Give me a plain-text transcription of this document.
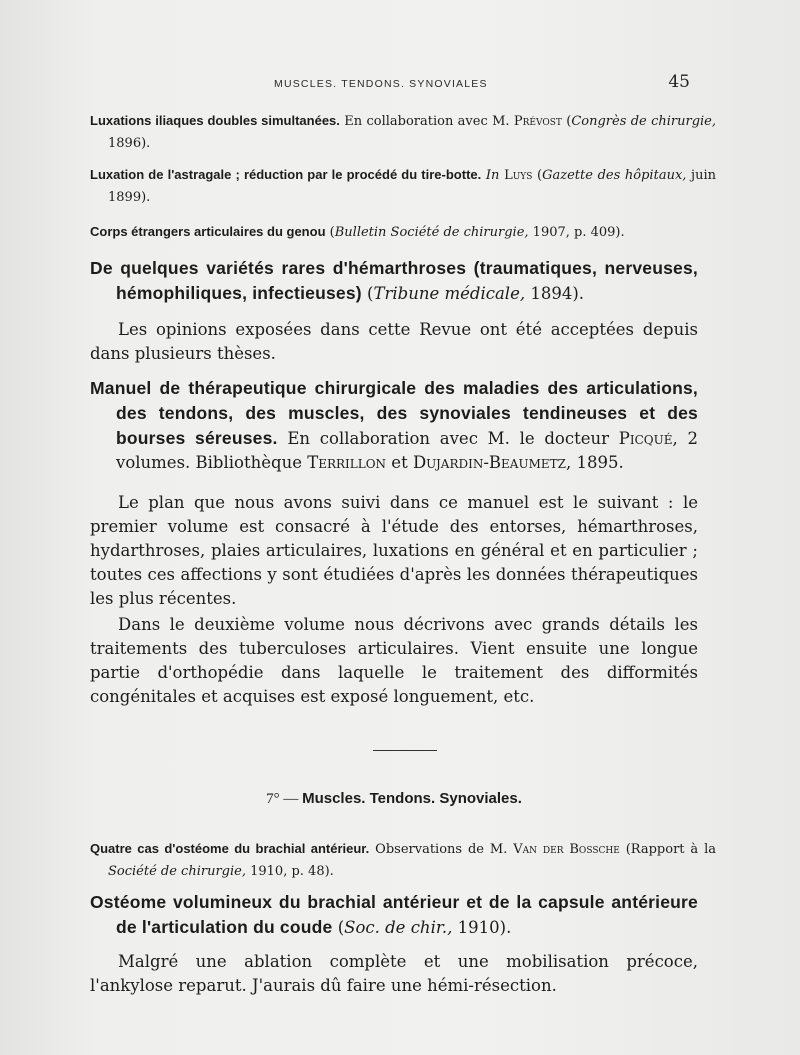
MUSCLES. TENDONS. SYNOVIALES	45
Luxations iliaques doubles simultanées. En collaboration avec M. Prévost (Congrès de chirurgie, 1896).
Luxation de l'astragale ; réduction par le procédé du tire-botte. In Luys (Gazette des hôpitaux, juin 1899).
Corps étrangers articulaires du genou (Bulletin Société de chirurgie, 1907, p. 409).
De quelques variétés rares d'hémarthroses (traumatiques, nerveuses, hémophiliques, infectieuses) (Tribune médicale, 1894).

Les opinions exposées dans cette Revue ont été acceptées depuis dans plusieurs thèses.

Manuel de thérapeutique chirurgicale des maladies des articulations, des tendons, des muscles, des synoviales tendineuses et des bourses séreuses. En collaboration avec M. le docteur Picqué, 2 volumes. Bibliothèque Terrillon et Dujardin-Beaumetz, 1895.

Le plan que nous avons suivi dans ce manuel est le suivant : le premier volume est consacré à l'étude des entorses, hémarthroses, hydarthroses, plaies articulaires, luxations en général et en particulier ; toutes ces affections y sont étudiées d'après les données thérapeutiques les plus récentes.

Dans le deuxième volume nous décrivons avec grands détails les traitements des tuberculoses articulaires. Vient ensuite une longue partie d'orthopédie dans laquelle le traitement des difformités congénitales et acquises est exposé longuement, etc.

7° — Muscles. Tendons. Synoviales.
Quatre cas d'ostéome du brachial antérieur. Observations de M. Van der Bossche (Rapport à la Société de chirurgie, 1910, p. 48).
Ostéome volumineux du brachial antérieur et de la capsule antérieure de l'articulation du coude (Soc. de chir., 1910).

Malgré une ablation complète et une mobilisation précoce, l'ankylose reparut. J'aurais dû faire une hémi-résection.
